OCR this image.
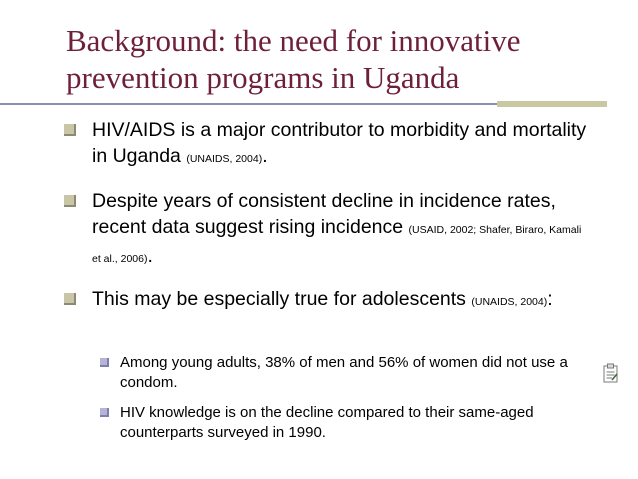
Background: the need for innovative
prevention programs in Uganda

HIV/AIDS is a major contributor to morbidity and mortality in Uganda (UNAIDS, 2004).

Despite years of consistent decline in incidence rates, recent data suggest rising incidence (USAID, 2002; Shafer, Biraro, Kamali et al., 2006).

This may be especially true for adolescents (UNAIDS, 2004):

Among young adults, 38% of men and 56% of women did not use a condom.

HIV knowledge is on the decline compared to their same-aged counterparts surveyed in 1990.
